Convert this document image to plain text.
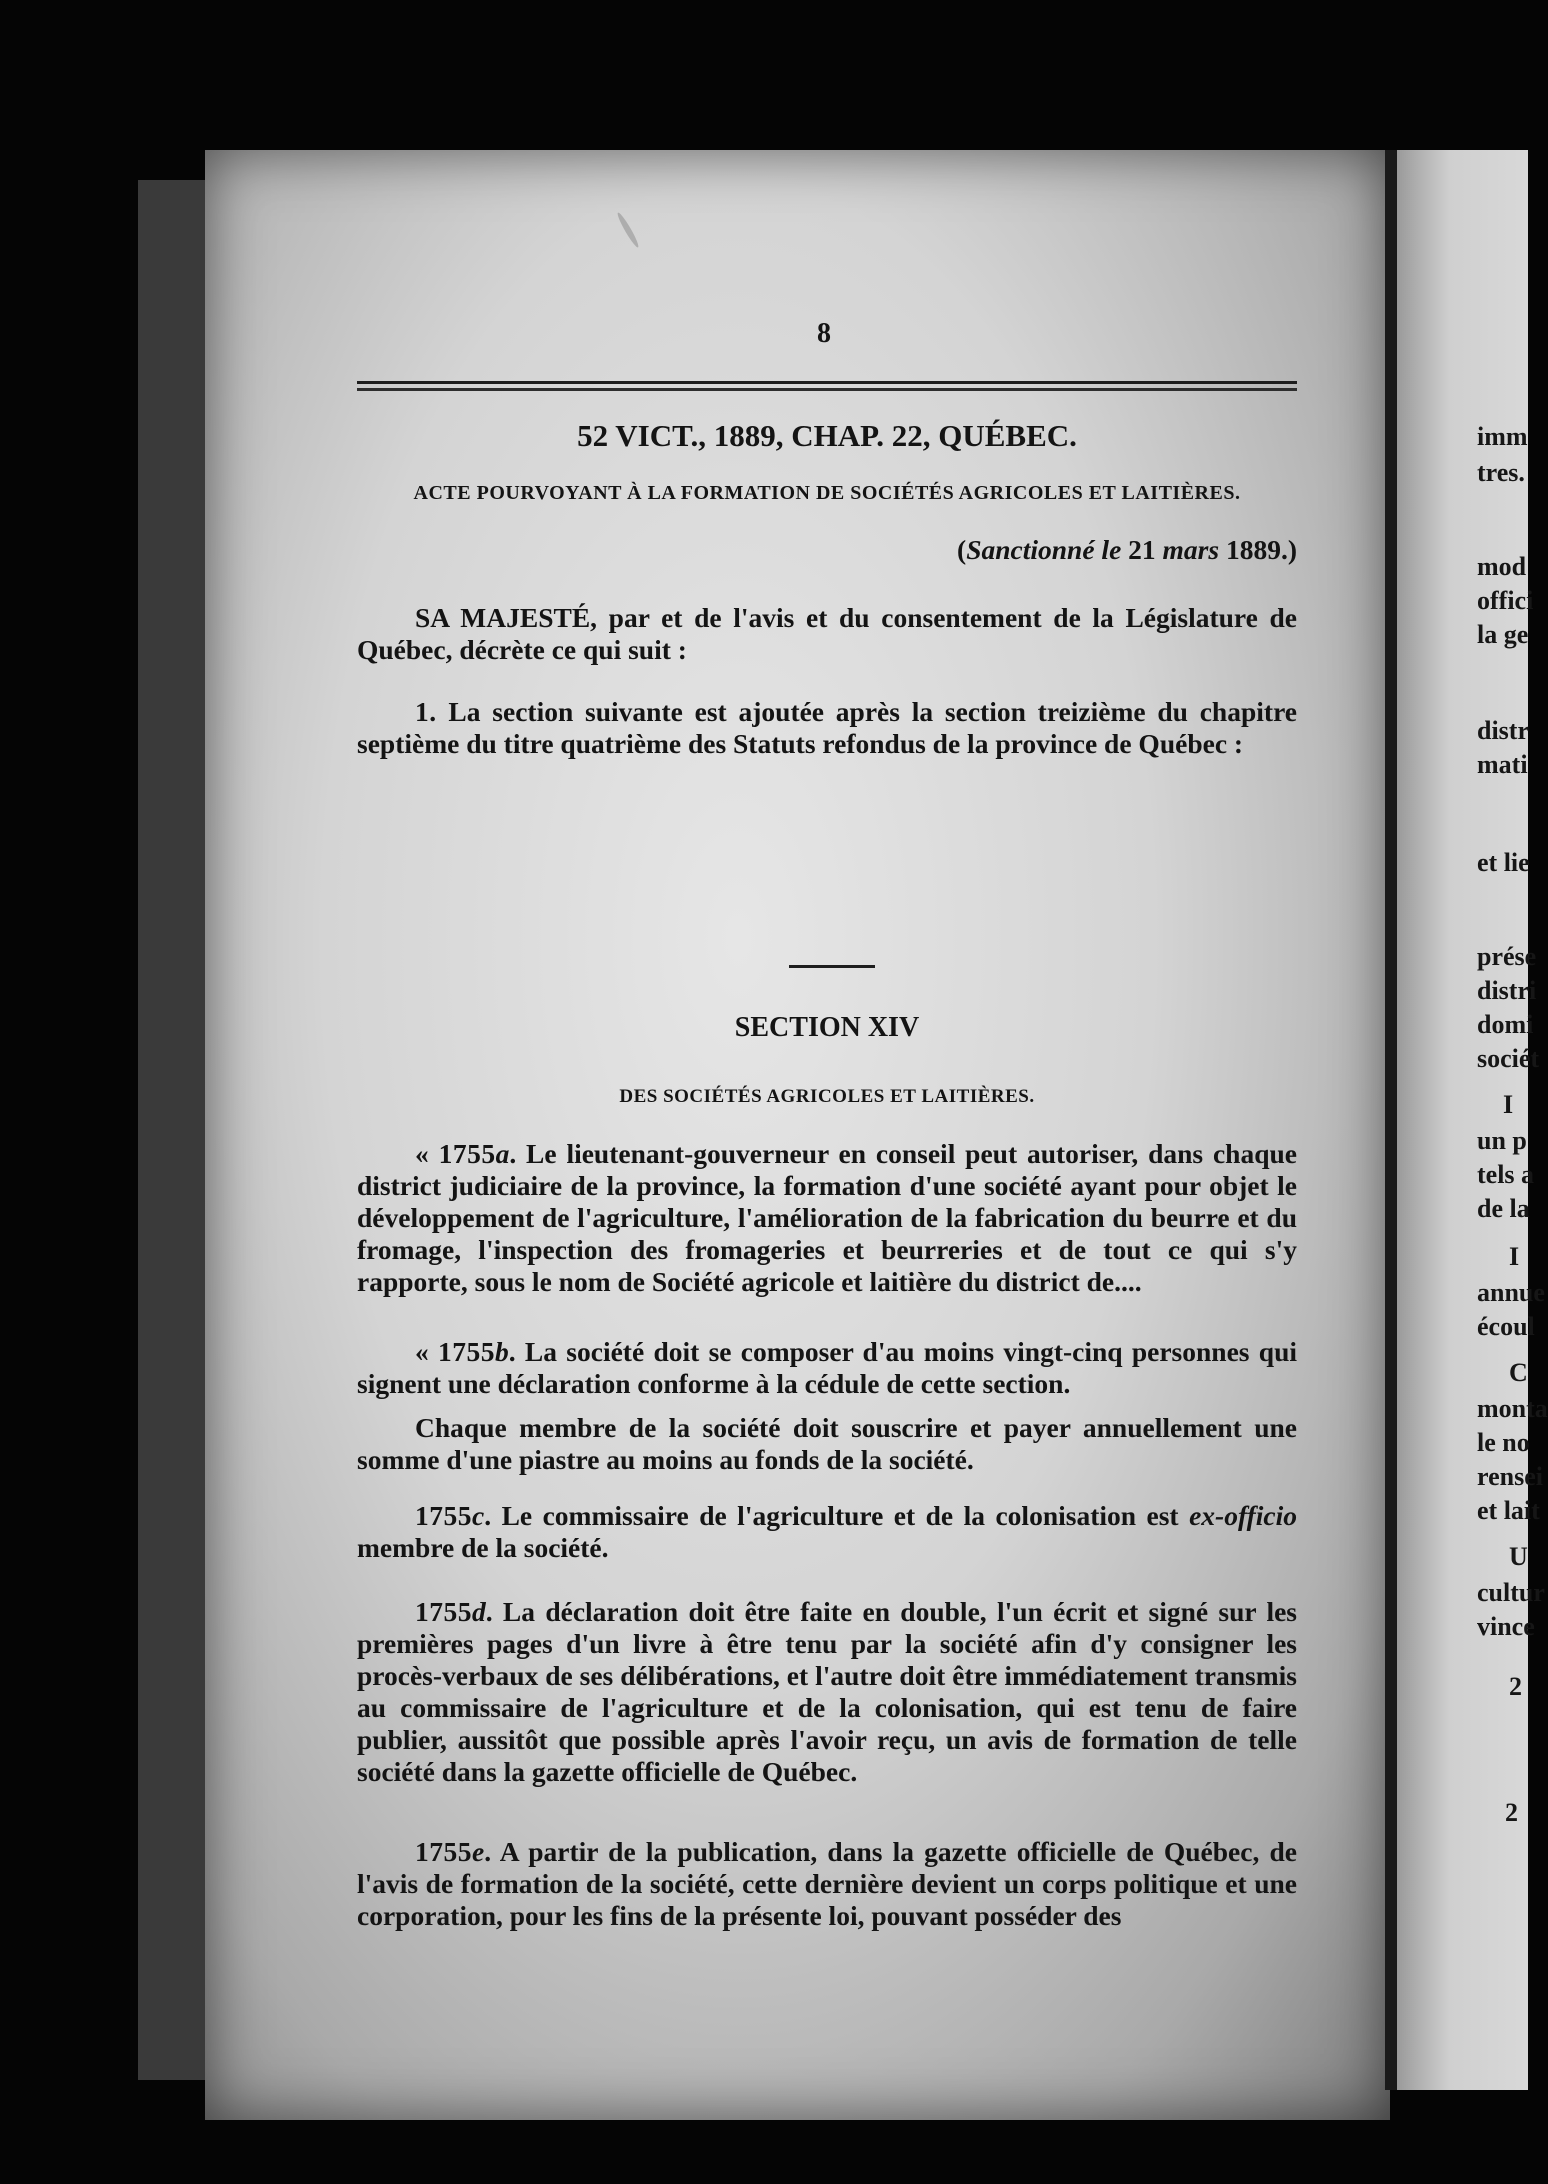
8
52 VICT., 1889, CHAP. 22, QUÉBEC.
ACTE POURVOYANT À LA FORMATION DE SOCIÉTÉS AGRICOLES ET LAITIÈRES.
(Sanctionné le 21 mars 1889.)
SA MAJESTÉ, par et de l'avis et du consentement de la Législature de Québec, décrète ce qui suit :
1. La section suivante est ajoutée après la section treizième du chapitre septième du titre quatrième des Statuts refondus de la province de Québec :
SECTION XIV
DES SOCIÉTÉS AGRICOLES ET LAITIÈRES.
« 1755a. Le lieutenant-gouverneur en conseil peut autoriser, dans chaque district judiciaire de la province, la formation d'une société ayant pour objet le développement de l'agriculture, l'amélioration de la fabrication du beurre et du fromage, l'inspection des fromageries et beurreries et de tout ce qui s'y rapporte, sous le nom de Société agricole et laitière du district de....
« 1755b. La société doit se composer d'au moins vingt-cinq personnes qui signent une déclaration conforme à la cédule de cette section.
Chaque membre de la société doit souscrire et payer annuellement une somme d'une piastre au moins au fonds de la société.
1755c. Le commissaire de l'agriculture et de la colonisation est ex-officio membre de la société.
1755d. La déclaration doit être faite en double, l'un écrit et signé sur les premières pages d'un livre à être tenu par la société afin d'y consigner les procès-verbaux de ses délibérations, et l'autre doit être immédiatement transmis au commissaire de l'agriculture et de la colonisation, qui est tenu de faire publier, aussitôt que possible après l'avoir reçu, un avis de formation de telle société dans la gazette officielle de Québec.
1755e. A partir de la publication, dans la gazette officielle de Québec, de l'avis de formation de la société, cette dernière devient un corps politique et une corporation, pour les fins de la présente loi, pouvant posséder des
imm
tres.
mod
offici
la ge
distr
mati
et lie
prése
distri
domi
sociét
I
un p
tels a
de la
I
annue
écoul
C
monta
le no
rensei
et lait
U
cultur
vince
2
2
